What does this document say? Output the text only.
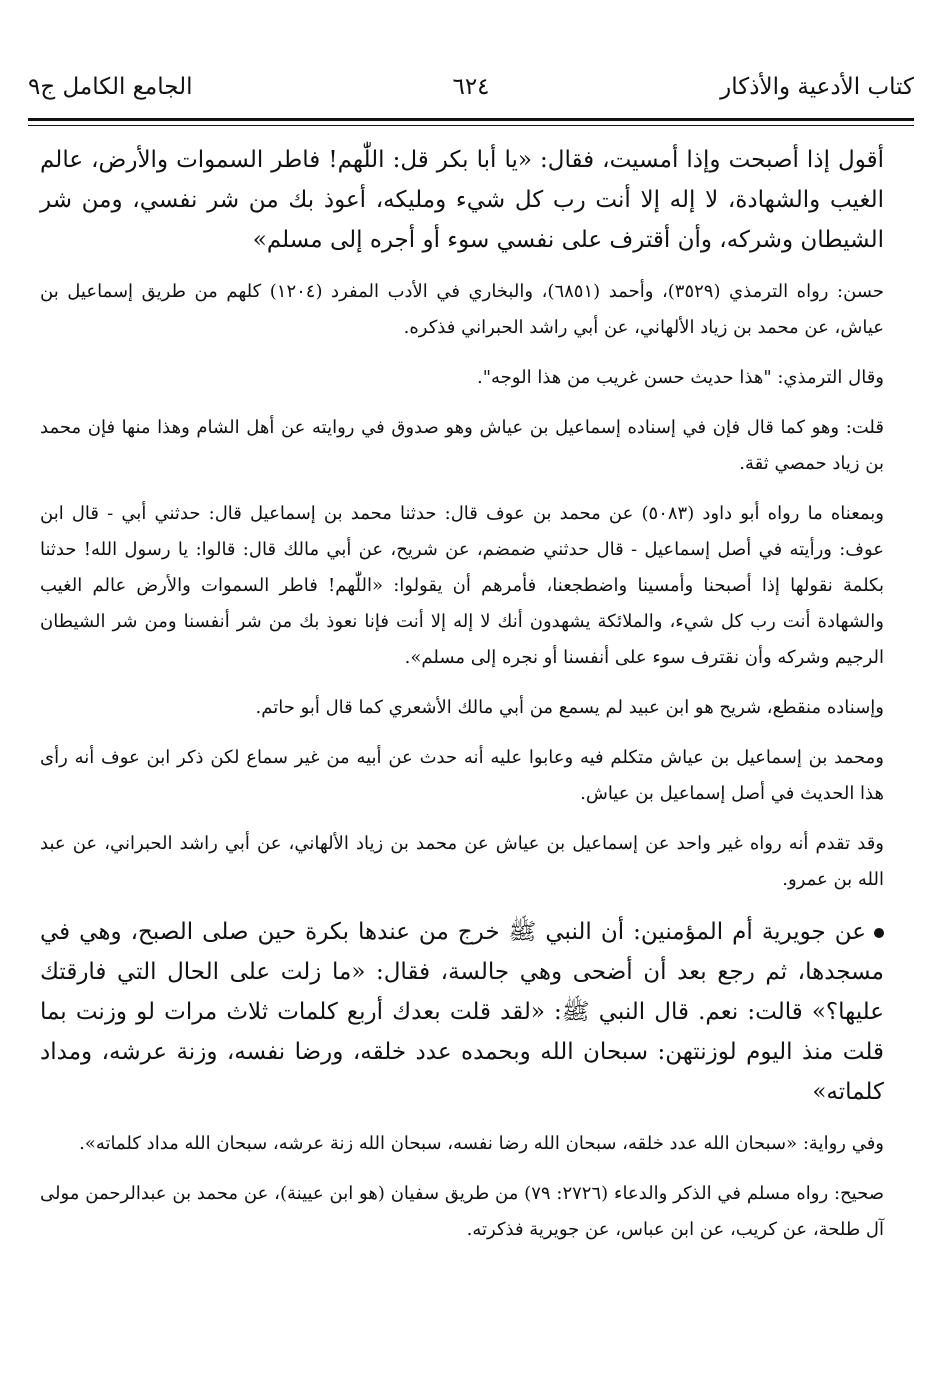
كتاب الأدعية والأذكار
٦٢٤
الجامع الكامل ج٩

أقول إذا أصبحت وإذا أمسيت، فقال: «يا أبا بكر قل: اللّٰهم! فاطر السموات والأرض، عالم الغيب والشهادة، لا إله إلا أنت رب كل شيء ومليكه، أعوذ بك من شر نفسي، ومن شر الشيطان وشركه، وأن أقترف على نفسي سوء أو أجره إلى مسلم»

حسن: رواه الترمذي (٣٥٢٩)، وأحمد (٦٨٥١)، والبخاري في الأدب المفرد (١٢٠٤) كلهم من طريق إسماعيل بن عياش، عن محمد بن زياد الألهاني، عن أبي راشد الحبراني فذكره.

وقال الترمذي: "هذا حديث حسن غريب من هذا الوجه".

قلت: وهو كما قال فإن في إسناده إسماعيل بن عياش وهو صدوق في روايته عن أهل الشام وهذا منها فإن محمد بن زياد حمصي ثقة.

وبمعناه ما رواه أبو داود (٥٠٨٣) عن محمد بن عوف قال: حدثنا محمد بن إسماعيل قال: حدثني أبي - قال ابن عوف: ورأيته في أصل إسماعيل - قال حدثني ضمضم، عن شريح، عن أبي مالك قال: قالوا: يا رسول الله! حدثنا بكلمة نقولها إذا أصبحنا وأمسينا واضطجعنا، فأمرهم أن يقولوا: «اللّٰهم! فاطر السموات والأرض عالم الغيب والشهادة أنت رب كل شيء، والملائكة يشهدون أنك لا إله إلا أنت فإنا نعوذ بك من شر أنفسنا ومن شر الشيطان الرجيم وشركه وأن نقترف سوء على أنفسنا أو نجره إلى مسلم».

وإسناده منقطع، شريح هو ابن عبيد لم يسمع من أبي مالك الأشعري كما قال أبو حاتم.

ومحمد بن إسماعيل بن عياش متكلم فيه وعابوا عليه أنه حدث عن أبيه من غير سماع لكن ذكر ابن عوف أنه رأى هذا الحديث في أصل إسماعيل بن عياش.

وقد تقدم أنه رواه غير واحد عن إسماعيل بن عياش عن محمد بن زياد الألهاني، عن أبي راشد الحبراني، عن عبد الله بن عمرو.

عن جويرية أم المؤمنين: أن النبي ﷺ خرج من عندها بكرة حين صلى الصبح، وهي في مسجدها، ثم رجع بعد أن أضحى وهي جالسة، فقال: «ما زلت على الحال التي فارقتك عليها؟» قالت: نعم. قال النبي ﷺ: «لقد قلت بعدك أربع كلمات ثلاث مرات لو وزنت بما قلت منذ اليوم لوزنتهن: سبحان الله وبحمده عدد خلقه، ورضا نفسه، وزنة عرشه، ومداد كلماته»

وفي رواية: «سبحان الله عدد خلقه، سبحان الله رضا نفسه، سبحان الله زنة عرشه، سبحان الله مداد كلماته».

صحيح: رواه مسلم في الذكر والدعاء (٢٧٢٦: ٧٩) من طريق سفيان (هو ابن عيينة)، عن محمد بن عبدالرحمن مولى آل طلحة، عن كريب، عن ابن عباس، عن جويرية فذكرته.
